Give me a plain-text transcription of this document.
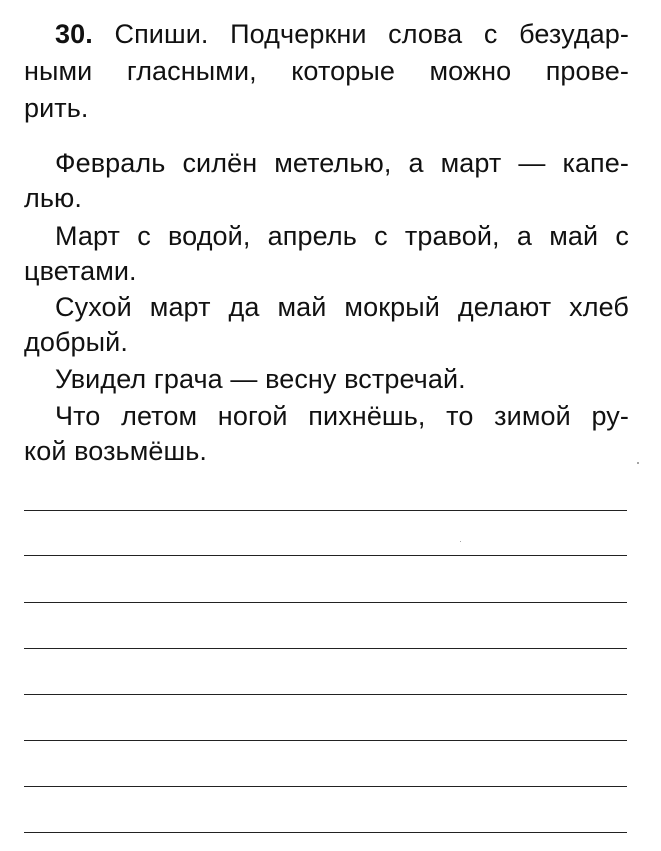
30. Спиши. Подчеркни слова с безудар-
ными гласными, которые можно прове-
рить.
Февраль силён метелью, а март — капе-
лью.
Март с водой, апрель с травой, а май с
цветами.
Сухой март да май мокрый делают хлеб
добрый.
Увидел грача — весну встречай.
Что летом ногой пихнёшь, то зимой ру-
кой возьмёшь.
